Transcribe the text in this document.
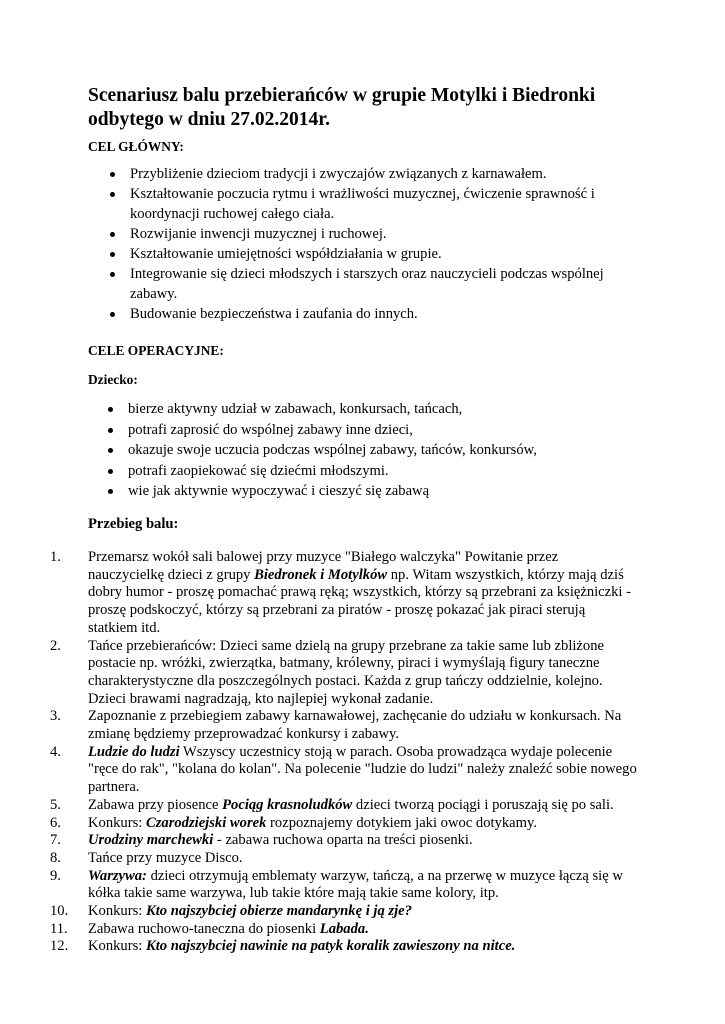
Scenariusz balu przebierańców w grupie Motylki i Biedronki odbytego w dniu 27.02.2014r.

CEL GŁÓWNY:

Przybliżenie dzieciom tradycji i zwyczajów związanych z karnawałem.
Kształtowanie poczucia rytmu i wrażliwości muzycznej, ćwiczenie sprawność i koordynacji ruchowej całego ciała.
Rozwijanie inwencji muzycznej i ruchowej.
Kształtowanie umiejętności współdziałania w grupie.
Integrowanie się dzieci młodszych i starszych oraz nauczycieli podczas wspólnej zabawy.
Budowanie bezpieczeństwa i zaufania do innych.

CELE OPERACYJNE:

Dziecko:

bierze aktywny udział w zabawach, konkursach, tańcach,
potrafi zaprosić do wspólnej zabawy inne dzieci,
okazuje swoje uczucia podczas wspólnej zabawy, tańców, konkursów,
potrafi zaopiekować się dziećmi młodszymi.
wie jak aktywnie wypoczywać i cieszyć się zabawą

Przebieg balu:

1.	Przemarsz wokół sali balowej przy muzyce "Białego walczyka" Powitanie przez nauczycielkę dzieci z grupy Biedronek i Motylków np. Witam wszystkich, którzy mają dziś dobry humor - proszę pomachać prawą ręką; wszystkich, którzy są przebrani za księżniczki - proszę podskoczyć, którzy są przebrani za piratów - proszę pokazać jak piraci sterują statkiem itd.
2.	Tańce przebierańców: Dzieci same dzielą na grupy przebrane za takie same lub zbliżone postacie np. wróżki, zwierzątka, batmany, królewny, piraci i wymyślają figury taneczne charakterystyczne dla poszczególnych postaci. Każda z grup tańczy oddzielnie, kolejno. Dzieci brawami nagradzają, kto najlepiej wykonał zadanie.
3.	Zapoznanie z przebiegiem zabawy karnawałowej, zachęcanie do udziału w konkursach. Na zmianę będziemy przeprowadzać konkursy i zabawy.
4.	Ludzie do ludzi Wszyscy uczestnicy stoją w parach. Osoba prowadząca wydaje polecenie "ręce do rak", "kolana do kolan". Na polecenie "ludzie do ludzi" należy znaleźć sobie nowego partnera.
5.	Zabawa przy piosence Pociąg krasnoludków dzieci tworzą pociągi i poruszają się po sali.
6.	Konkurs: Czarodziejski worek rozpoznajemy dotykiem jaki owoc dotykamy.
7.	Urodziny marchewki - zabawa ruchowa oparta na treści piosenki.
8.	Tańce przy muzyce Disco.
9.	Warzywa: dzieci otrzymują emblematy warzyw, tańczą, a na przerwę w muzyce łączą się w kółka takie same warzywa, lub takie które mają takie same kolory, itp.
10.	Konkurs: Kto najszybciej obierze mandarynkę i ją zje?
11.	Zabawa ruchowo-taneczna do piosenki Labada.
12.	Konkurs: Kto najszybciej nawinie na patyk koralik zawieszony na nitce.
